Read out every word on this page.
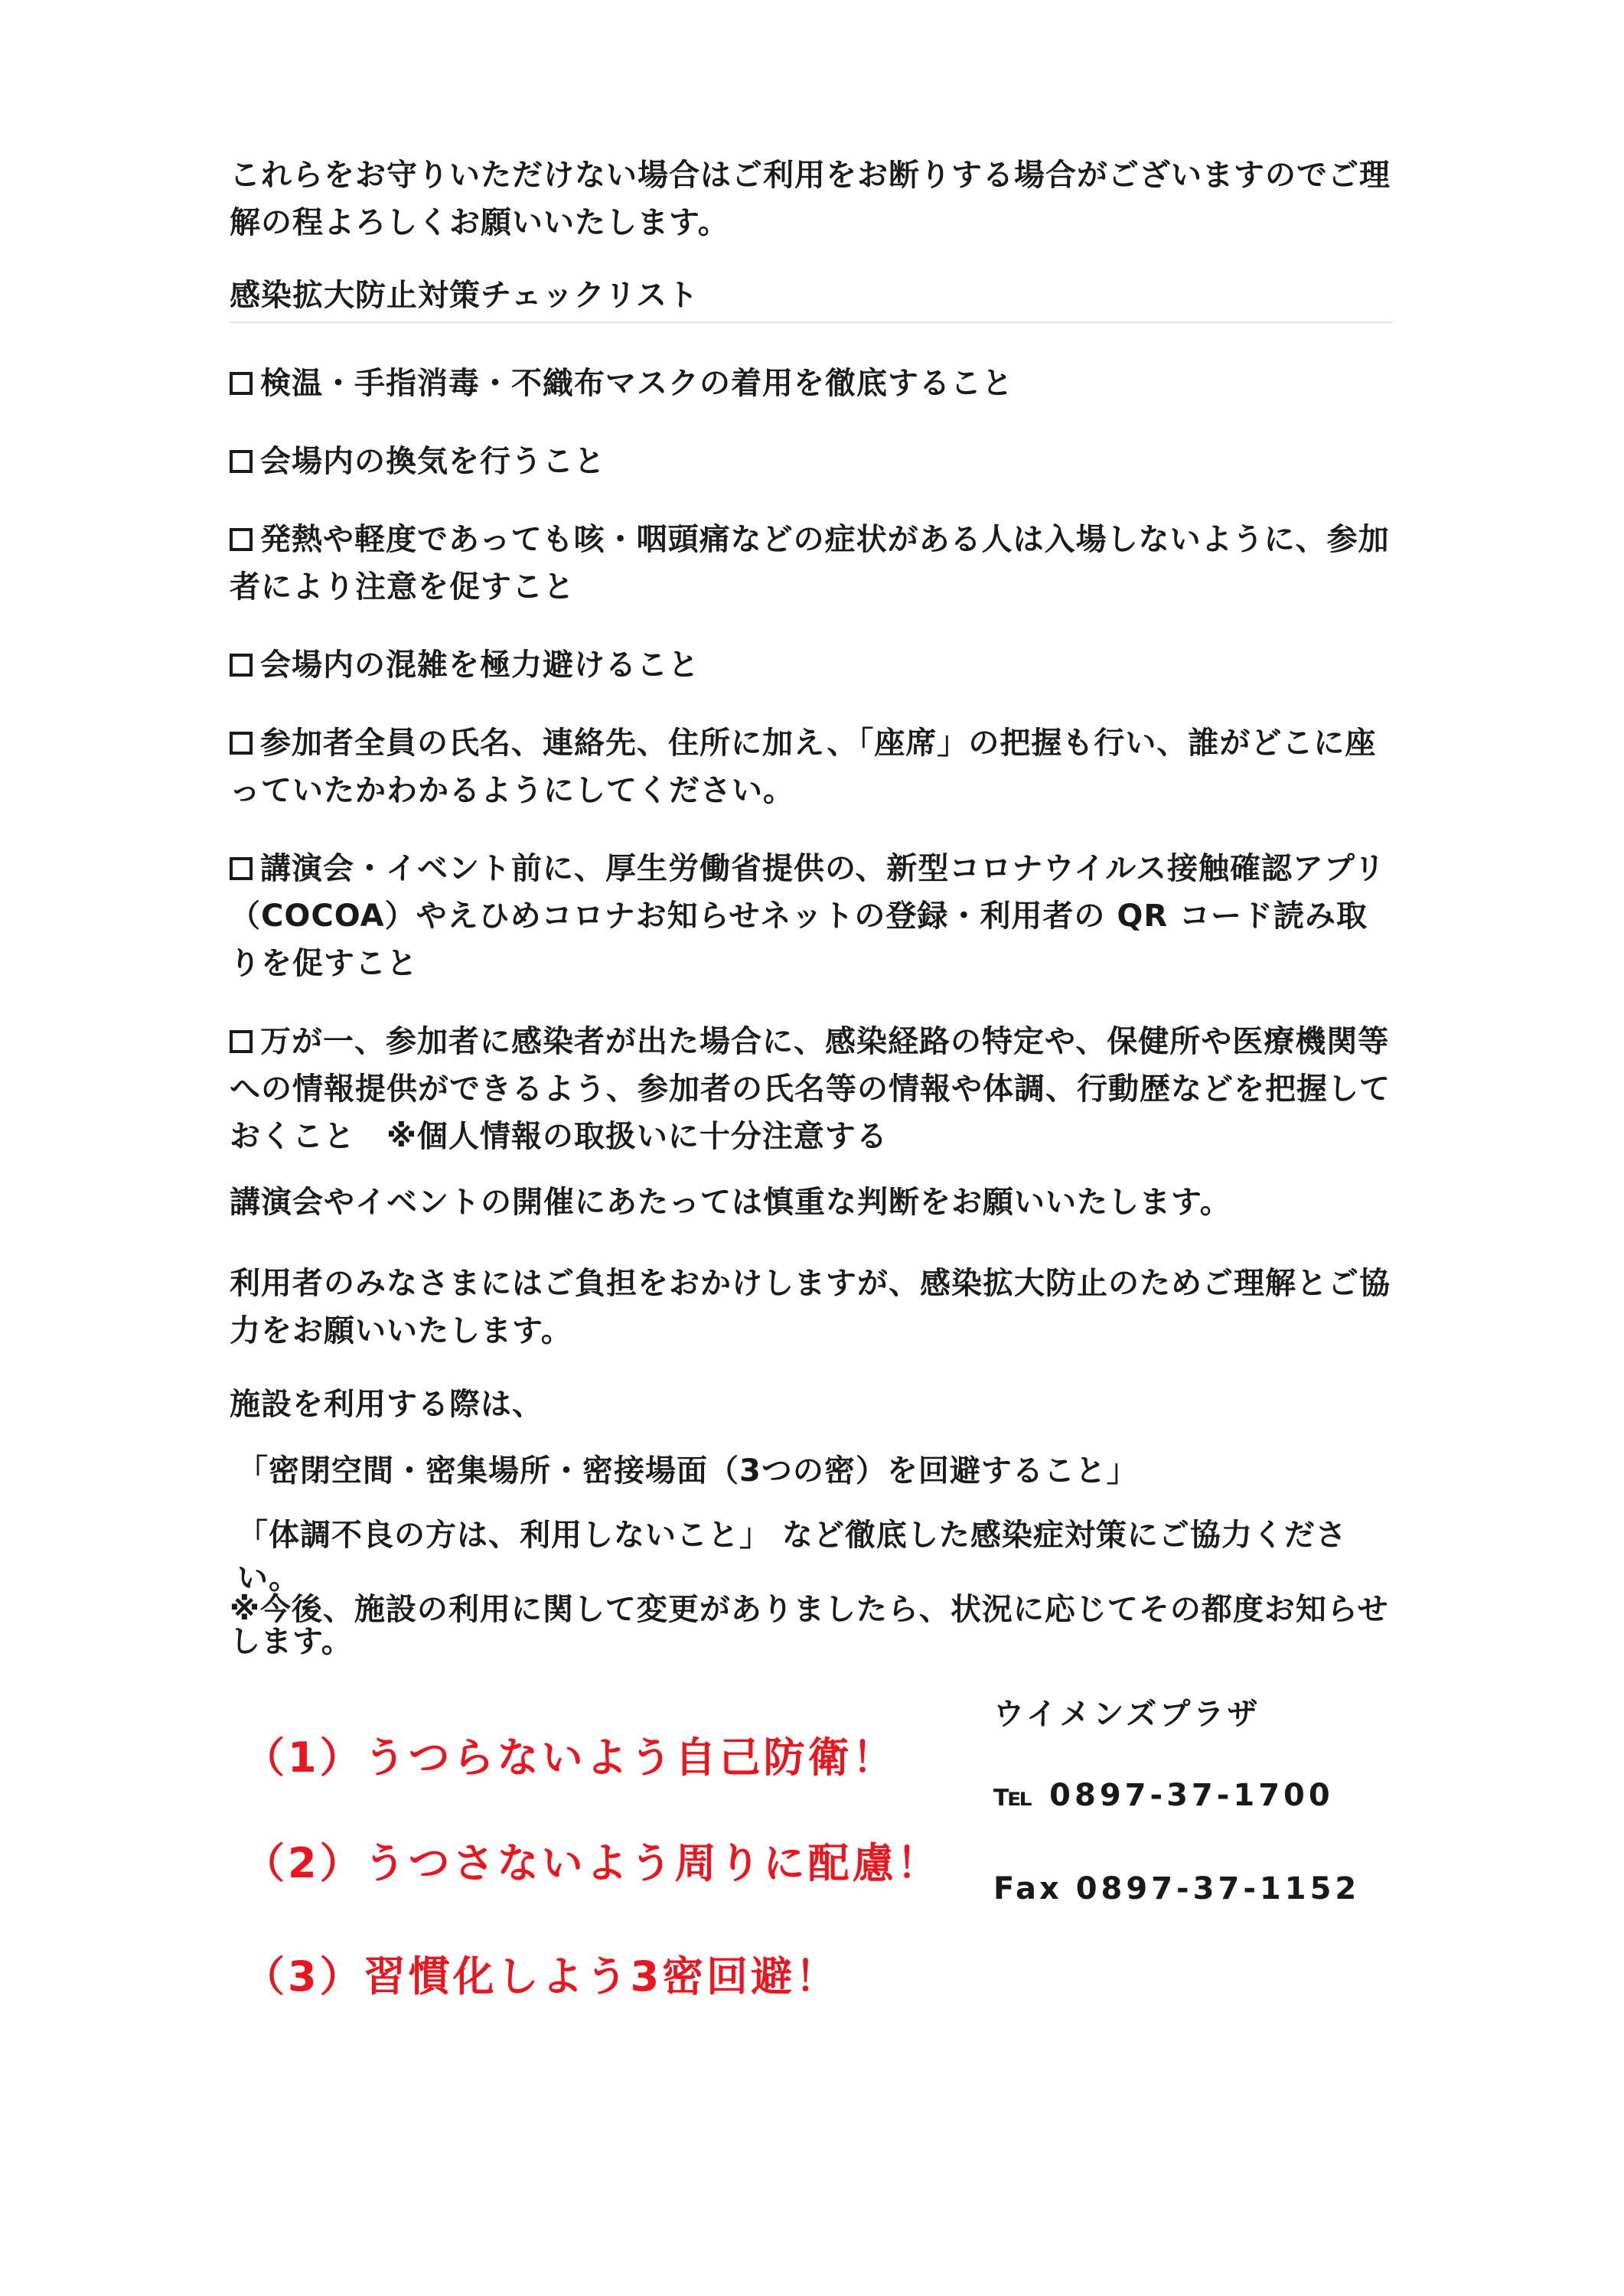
これらをお守りいただけない場合はご利用をお断りする場合がございますのでご理解の程よろしくお願いいたします。
感染拡大防止対策チェックリスト
検温・手指消毒・不織布マスクの着用を徹底すること
会場内の換気を行うこと
発熱や軽度であっても咳・咽頭痛などの症状がある人は入場しないように、参加者により注意を促すこと
会場内の混雑を極力避けること
参加者全員の氏名、連絡先、住所に加え、「座席」の把握も行い、誰がどこに座っていたかわかるようにしてください。
講演会・イベント前に、厚生労働省提供の、新型コロナウイルス接触確認アプリ（COCOA）やえひめコロナお知らせネットの登録・利用者の QR コード読み取りを促すこと
万が一、参加者に感染者が出た場合に、感染経路の特定や、保健所や医療機関等への情報提供ができるよう、参加者の氏名等の情報や体調、行動歴などを把握しておくこと　※個人情報の取扱いに十分注意する
講演会やイベントの開催にあたっては慎重な判断をお願いいたします。
利用者のみなさまにはご負担をおかけしますが、感染拡大防止のためご理解とご協力をお願いいたします。
施設を利用する際は、
「密閉空間・密集場所・密接場面（3つの密）を回避すること」
「体調不良の方は、利用しないこと」 など徹底した感染症対策にご協力ください。
※今後、施設の利用に関して変更がありましたら、状況に応じてその都度お知らせします。
（1）うつらないよう自己防衛！
（2）うつさないよう周りに配慮！
（3）習慣化しよう3密回避！
ウイメンズプラザ
℡ 0897-37-1700
Fax 0897-37-1152
